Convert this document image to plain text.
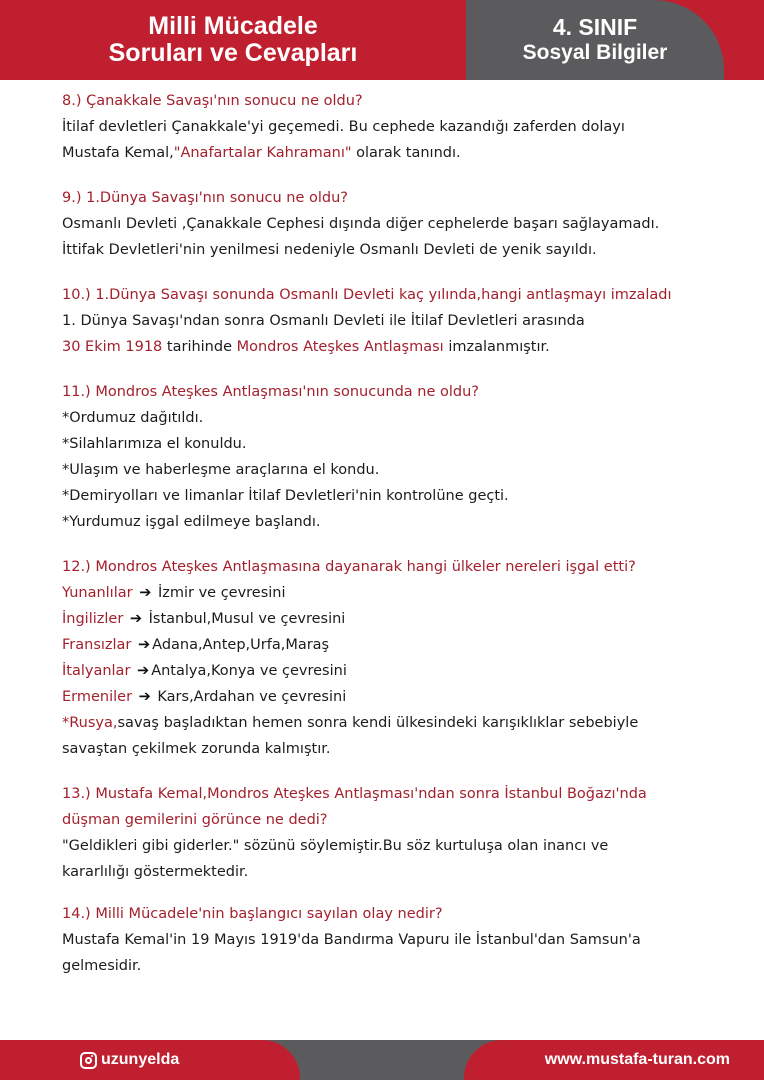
Milli Mücadele
Soruları ve Cevapları
4. SINIF
Sosyal Bilgiler
8.) Çanakkale Savaşı'nın sonucu ne oldu?
İtilaf devletleri Çanakkale'yi geçemedi. Bu cephede kazandığı zaferden dolayı
Mustafa Kemal,"Anafartalar Kahramanı" olarak tanındı.
9.) 1.Dünya Savaşı'nın sonucu ne oldu?
Osmanlı Devleti ,Çanakkale Cephesi dışında diğer cephelerde başarı sağlayamadı.
İttifak Devletleri'nin yenilmesi nedeniyle Osmanlı Devleti de yenik sayıldı.
10.) 1.Dünya Savaşı sonunda Osmanlı Devleti kaç yılında,hangi antlaşmayı imzaladı
1. Dünya Savaşı'ndan sonra Osmanlı Devleti ile İtilaf Devletleri arasında
30 Ekim 1918 tarihinde Mondros Ateşkes Antlaşması imzalanmıştır.
11.) Mondros Ateşkes Antlaşması'nın sonucunda ne oldu?
*Ordumuz dağıtıldı.
*Silahlarımıza el konuldu.
*Ulaşım ve haberleşme araçlarına el kondu.
*Demiryolları ve limanlar İtilaf Devletleri'nin kontrolüne geçti.
*Yurdumuz işgal edilmeye başlandı.
12.) Mondros Ateşkes Antlaşmasına dayanarak hangi ülkeler nereleri işgal etti?
Yunanlılar ➔ İzmir ve çevresini
İngilizler ➔ İstanbul,Musul ve çevresini
Fransızlar ➔ Adana,Antep,Urfa,Maraş
İtalyanlar ➔ Antalya,Konya ve çevresini
Ermeniler ➔ Kars,Ardahan ve çevresini
*Rusya,savaş başladıktan hemen sonra kendi ülkesindeki karışıklıklar sebebiyle
savaştan çekilmek zorunda kalmıştır.
13.) Mustafa Kemal,Mondros Ateşkes Antlaşması'ndan sonra İstanbul Boğazı'nda
düşman gemilerini görünce ne dedi?
"Geldikleri gibi giderler." sözünü söylemiştir.Bu söz kurtuluşa olan inancı ve
kararlılığı göstermektedir.
14.) Milli Mücadele'nin başlangıcı sayılan olay nedir?
Mustafa Kemal'in 19 Mayıs 1919'da Bandırma Vapuru ile İstanbul'dan Samsun'a
gelmesidir.
uzunyelda	www.mustafa-turan.com
